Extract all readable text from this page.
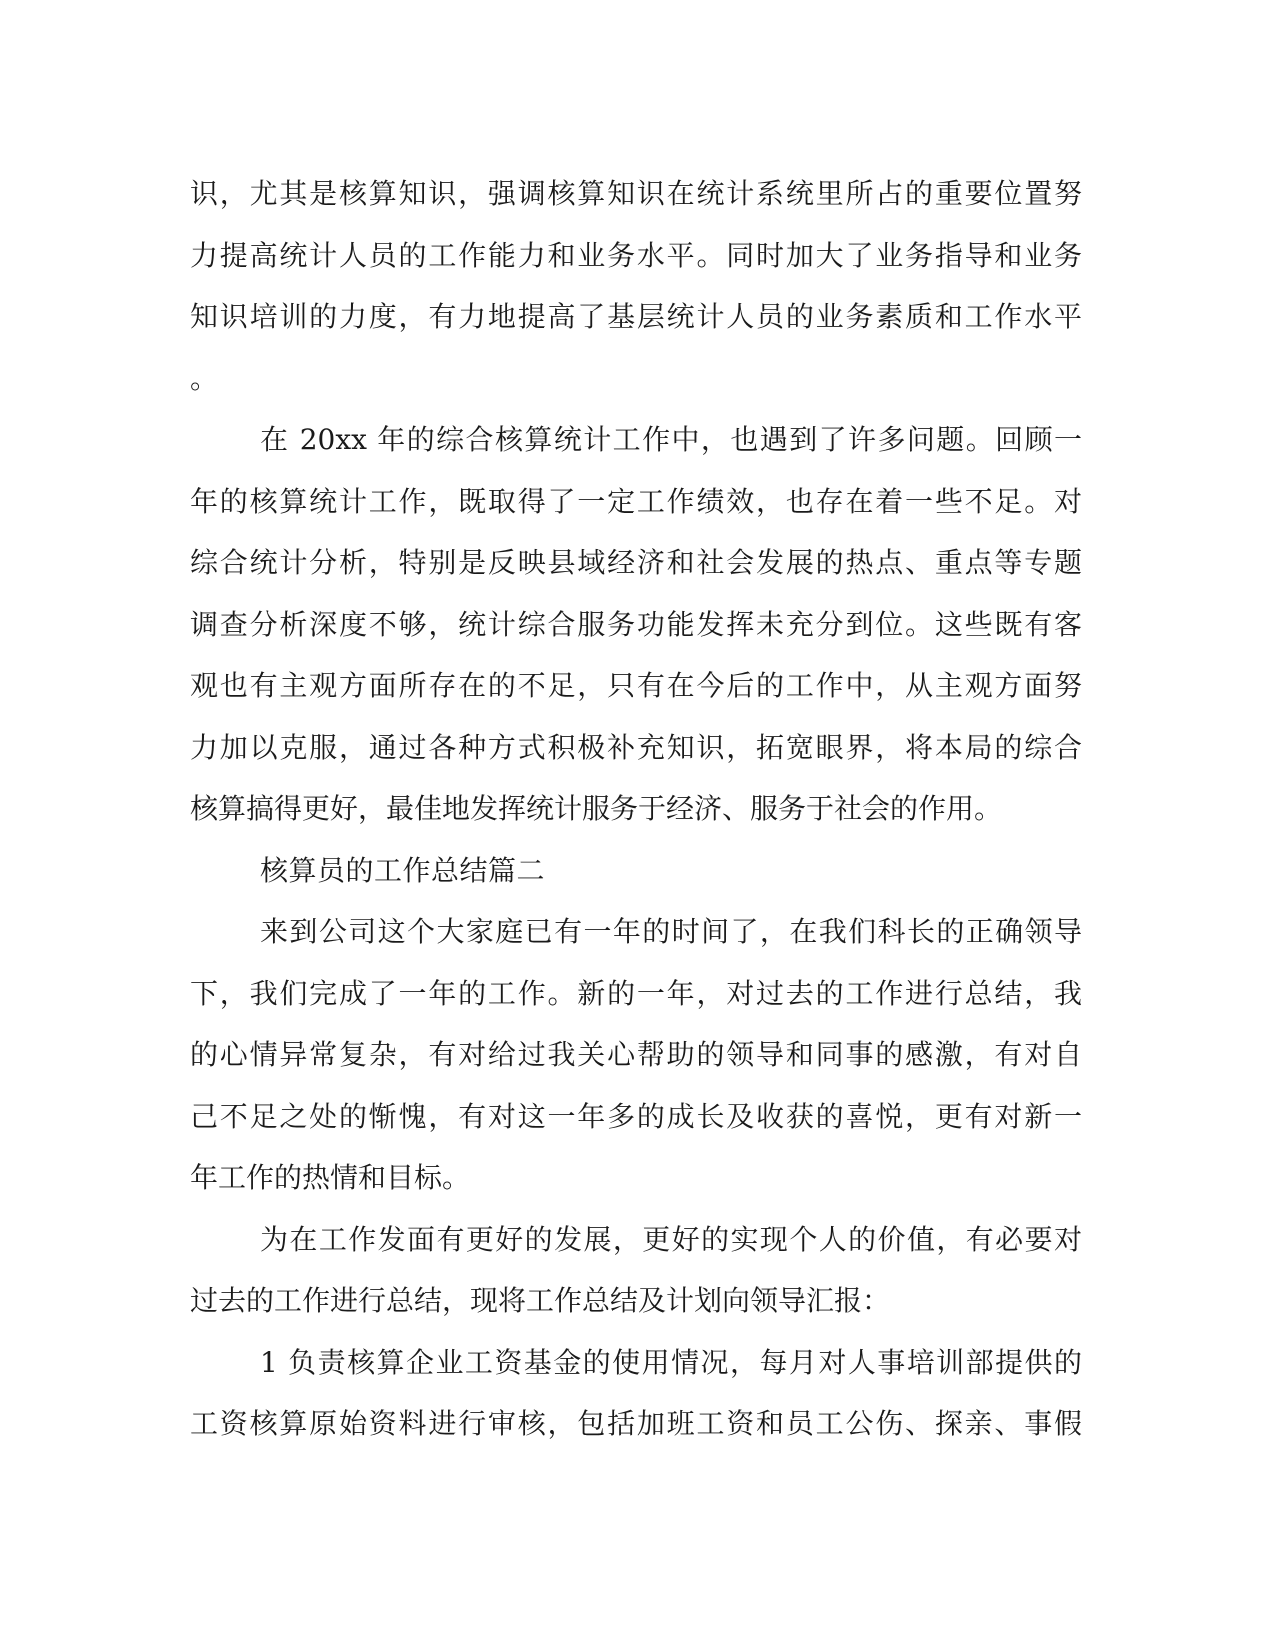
识，尤其是核算知识，强调核算知识在统计系统里所占的重要位置努
力提高统计人员的工作能力和业务水平。同时加大了业务指导和业务
知识培训的力度，有力地提高了基层统计人员的业务素质和工作水平
。
在 20xx 年的综合核算统计工作中，也遇到了许多问题。回顾一
年的核算统计工作，既取得了一定工作绩效，也存在着一些不足。对
综合统计分析，特别是反映县域经济和社会发展的热点、重点等专题
调查分析深度不够，统计综合服务功能发挥未充分到位。这些既有客
观也有主观方面所存在的不足，只有在今后的工作中，从主观方面努
力加以克服，通过各种方式积极补充知识，拓宽眼界，将本局的综合
核算搞得更好，最佳地发挥统计服务于经济、服务于社会的作用。
核算员的工作总结篇二
来到公司这个大家庭已有一年的时间了，在我们科长的正确领导
下，我们完成了一年的工作。新的一年，对过去的工作进行总结，我
的心情异常复杂，有对给过我关心帮助的领导和同事的感激，有对自
己不足之处的惭愧，有对这一年多的成长及收获的喜悦，更有对新一
年工作的热情和目标。
为在工作发面有更好的发展，更好的实现个人的价值，有必要对
过去的工作进行总结，现将工作总结及计划向领导汇报：
1 负责核算企业工资基金的使用情况，每月对人事培训部提供的
工资核算原始资料进行审核，包括加班工资和员工公伤、探亲、事假
